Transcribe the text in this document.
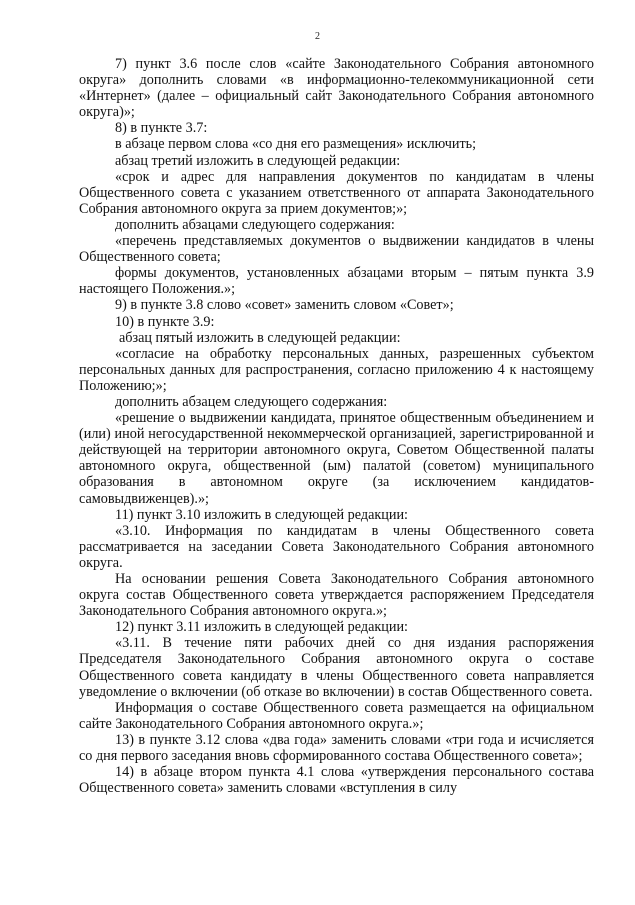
2

7) пункт 3.6 после слов «сайте Законодательного Собрания автономного округа» дополнить словами «в информационно-телекоммуникационной сети «Интернет» (далее – официальный сайт Законодательного Собрания автономного округа)»;

8) в пункте 3.7:

в абзаце первом слова «со дня его размещения» исключить;

абзац третий изложить в следующей редакции:

«срок и адрес для направления документов по кандидатам в члены Общественного совета с указанием ответственного от аппарата Законодательного Собрания автономного округа за прием документов;»;

дополнить абзацами следующего содержания:

«перечень представляемых документов о выдвижении кандидатов в члены Общественного совета;

формы документов, установленных абзацами вторым – пятым пункта 3.9 настоящего Положения.»;

9) в пункте 3.8 слово «совет» заменить словом «Совет»;

10) в пункте 3.9:

абзац пятый изложить в следующей редакции:

«согласие на обработку персональных данных, разрешенных субъектом персональных данных для распространения, согласно приложению 4 к настоящему Положению;»;

дополнить абзацем следующего содержания:

«решение о выдвижении кандидата, принятое общественным объединением и (или) иной негосударственной некоммерческой организацией, зарегистрированной и действующей на территории автономного округа, Советом Общественной палаты автономного округа, общественной (ым) палатой (советом) муниципального образования в автономном округе (за исключением кандидатов-самовыдвиженцев).»;

11) пункт 3.10 изложить в следующей редакции:

«3.10. Информация по кандидатам в члены Общественного совета рассматривается на заседании Совета Законодательного Собрания автономного округа.

На основании решения Совета Законодательного Собрания автономного округа состав Общественного совета утверждается распоряжением Председателя Законодательного Собрания автономного округа.»;

12) пункт 3.11 изложить в следующей редакции:

«3.11. В течение пяти рабочих дней со дня издания распоряжения Председателя Законодательного Собрания автономного округа о составе Общественного совета кандидату в члены Общественного совета направляется уведомление о включении (об отказе во включении) в состав Общественного совета.

Информация о составе Общественного совета размещается на официальном сайте Законодательного Собрания автономного округа.»;

13) в пункте 3.12 слова «два года» заменить словами «три года и исчисляется со дня первого заседания вновь сформированного состава Общественного совета»;

14) в абзаце втором пункта 4.1 слова «утверждения персонального состава Общественного совета» заменить словами «вступления в силу
